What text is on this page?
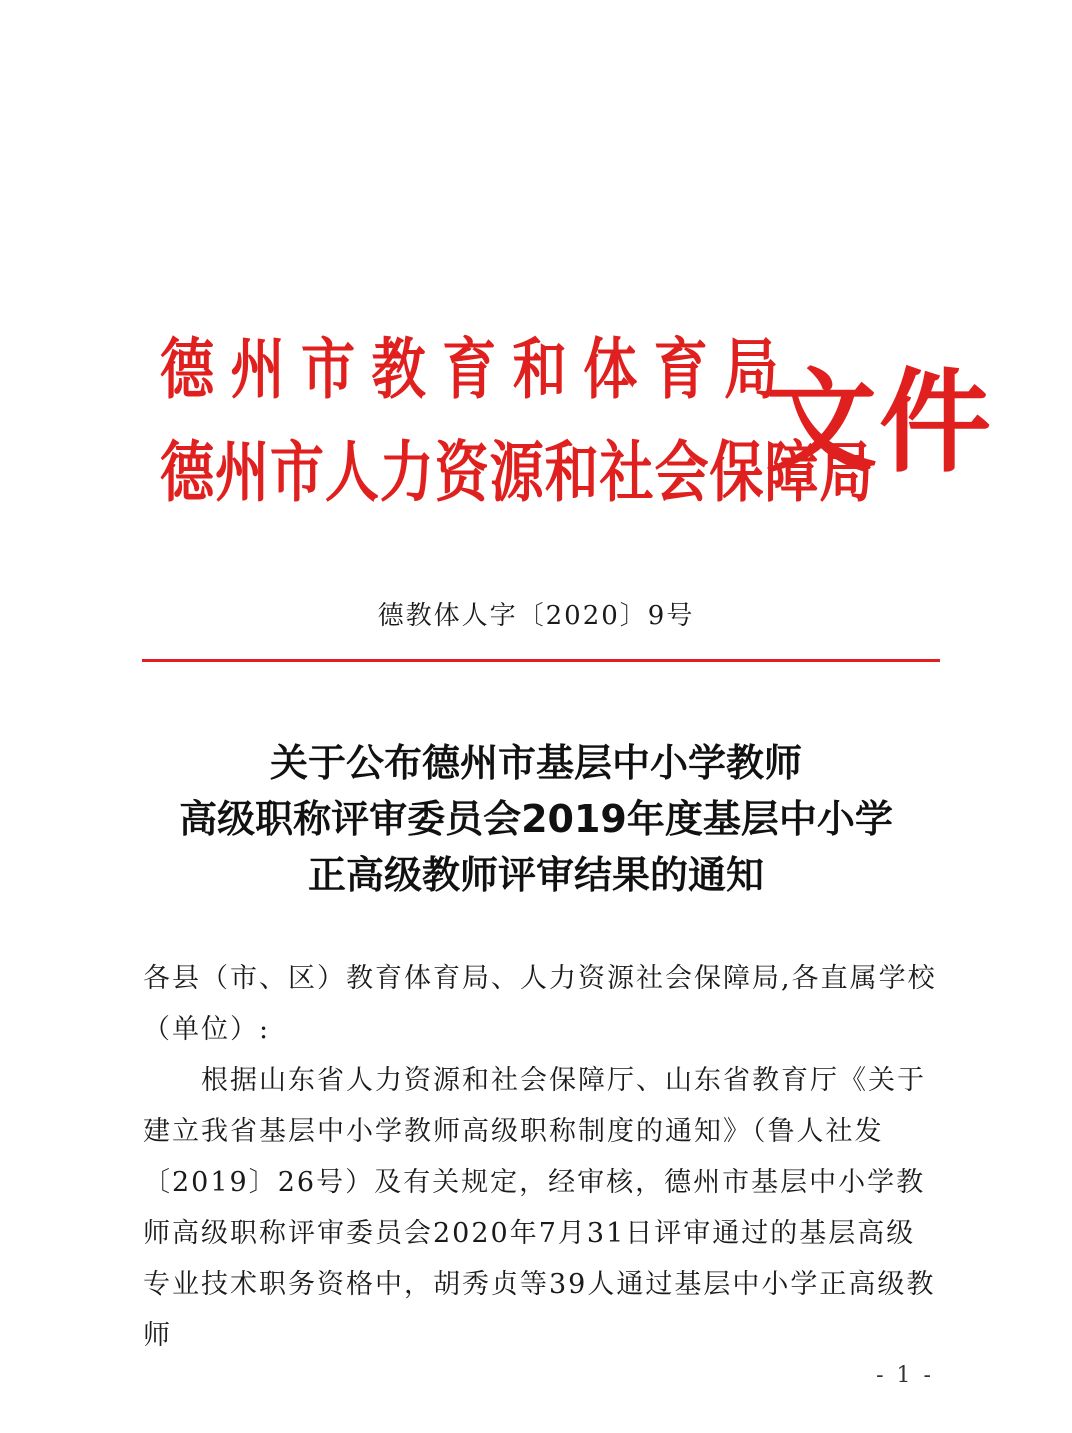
德州市教育和体育局
德州市人力资源和社会保障局
文件
德教体人字〔2020〕9号
关于公布德州市基层中小学教师
高级职称评审委员会2019年度基层中小学
正高级教师评审结果的通知

各县（市、区）教育体育局、人力资源社会保障局,各直属学校（单位）:

根据山东省人力资源和社会保障厅、山东省教育厅《关于建立我省基层中小学教师高级职称制度的通知》（鲁人社发〔2019〕26号）及有关规定，经审核，德州市基层中小学教师高级职称评审委员会2020年7月31日评审通过的基层高级专业技术职务资格中，胡秀贞等39人通过基层中小学正高级教师

- 1 -
